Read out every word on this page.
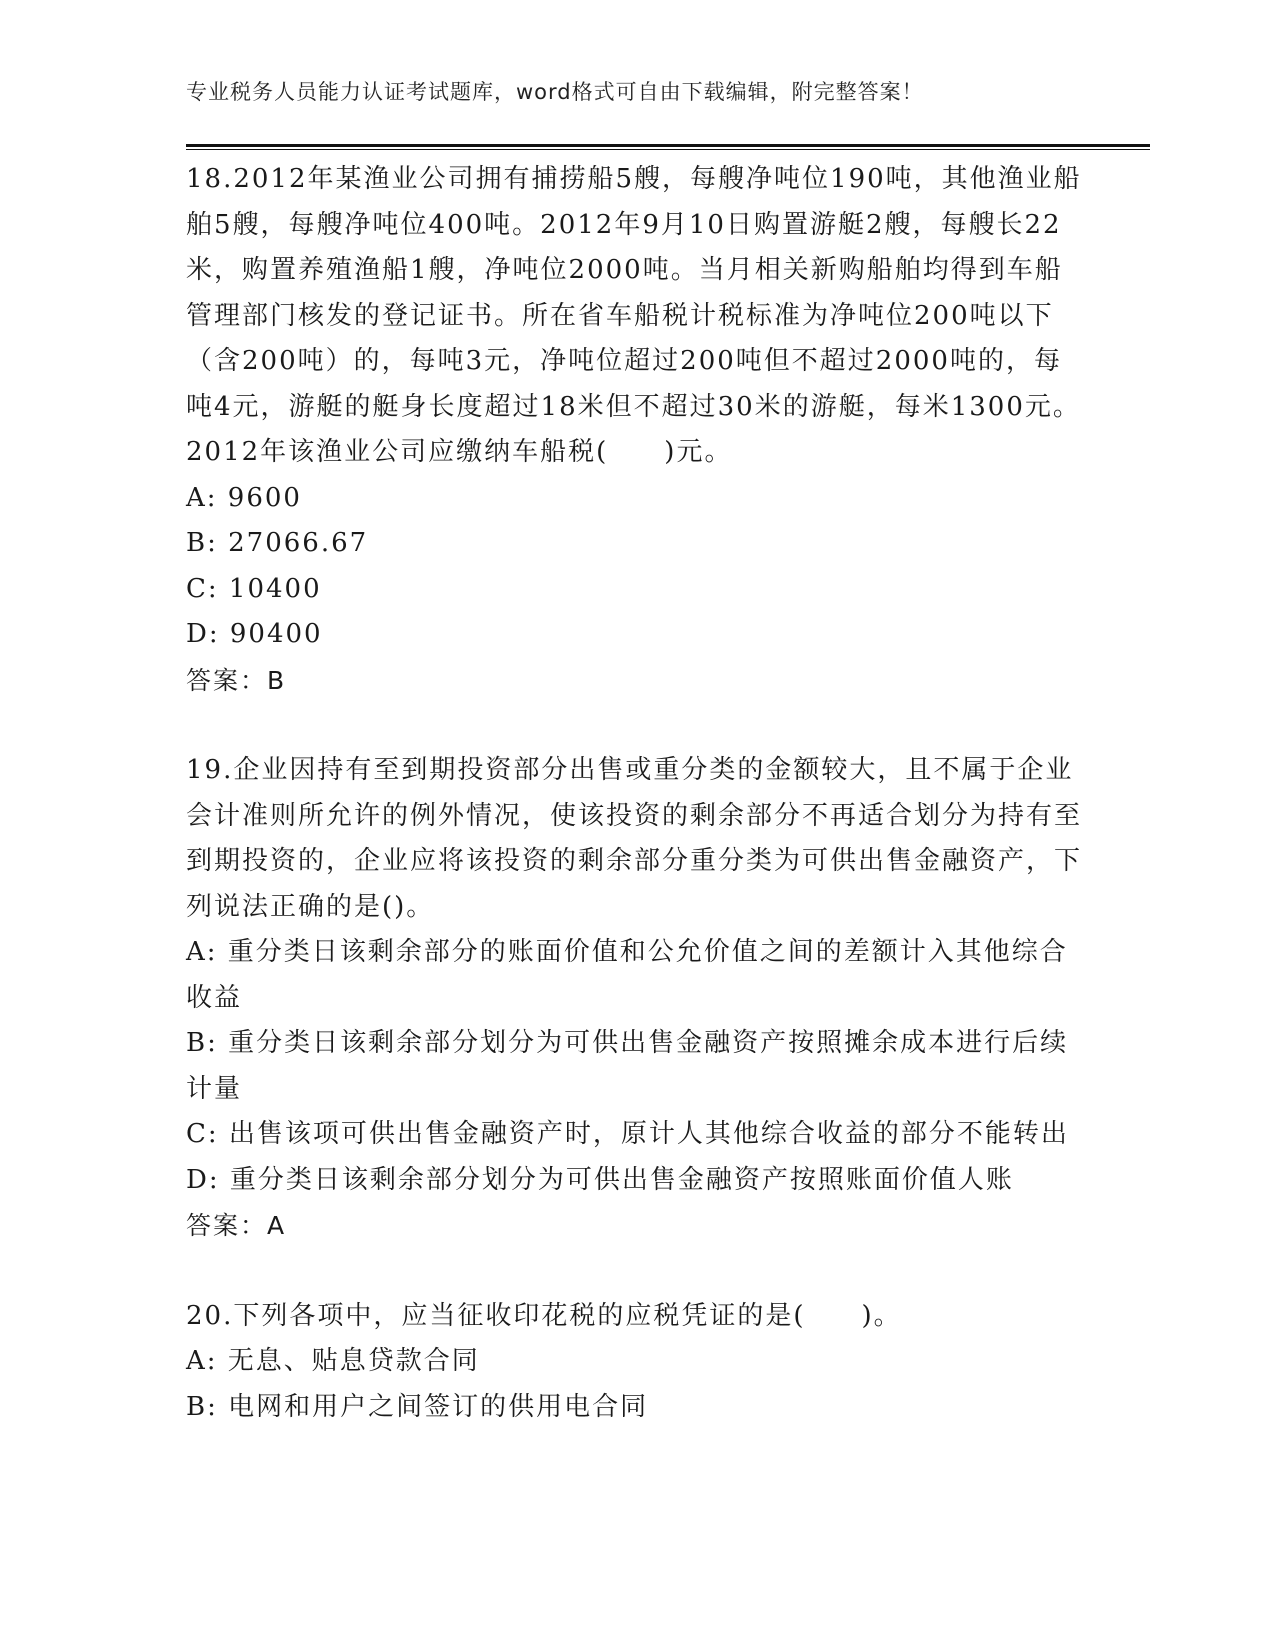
专业税务人员能力认证考试题库，word格式可自由下载编辑，附完整答案！

18.2012年某渔业公司拥有捕捞船5艘，每艘净吨位190吨，其他渔业船舶5艘，每艘净吨位400吨。2012年9月10日购置游艇2艘，每艘长22米，购置养殖渔船1艘，净吨位2000吨。当月相关新购船舶均得到车船管理部门核发的登记证书。所在省车船税计税标准为净吨位200吨以下（含200吨）的，每吨3元，净吨位超过200吨但不超过2000吨的，每吨4元，游艇的艇身长度超过18米但不超过30米的游艇，每米1300元。2012年该渔业公司应缴纳车船税(　　)元。

A: 9600
B: 27066.67
C: 10400
D: 90400

答案：B

19.企业因持有至到期投资部分出售或重分类的金额较大，且不属于企业会计准则所允许的例外情况，使该投资的剩余部分不再适合划分为持有至到期投资的，企业应将该投资的剩余部分重分类为可供出售金融资产，下列说法正确的是()。

A: 重分类日该剩余部分的账面价值和公允价值之间的差额计入其他综合收益
B: 重分类日该剩余部分划分为可供出售金融资产按照摊余成本进行后续计量
C: 出售该项可供出售金融资产时，原计人其他综合收益的部分不能转出
D: 重分类日该剩余部分划分为可供出售金融资产按照账面价值人账

答案：A

20.下列各项中，应当征收印花税的应税凭证的是(　　)。

A: 无息、贴息贷款合同
B: 电网和用户之间签订的供用电合同
